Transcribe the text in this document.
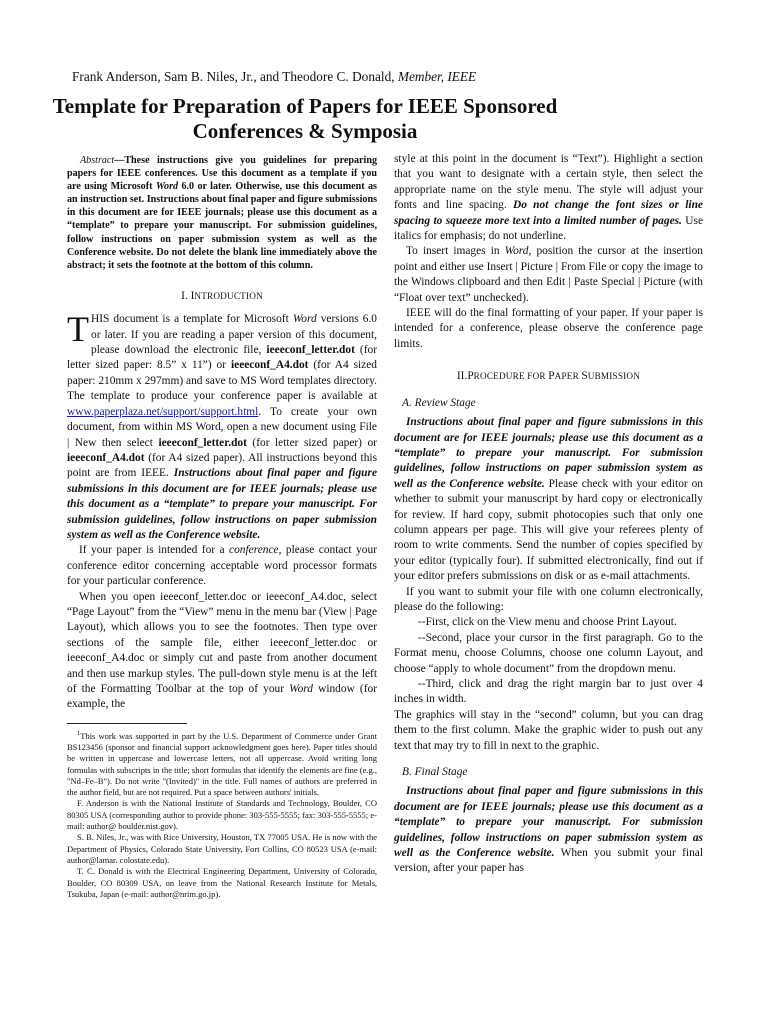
Frank Anderson, Sam B. Niles, Jr., and Theodore C. Donald, Member, IEEE
Template for Preparation of Papers for IEEE Sponsored Conferences & Symposia

Abstract—These instructions give you guidelines for preparing papers for IEEE conferences. Use this document as a template if you are using Microsoft Word 6.0 or later. Otherwise, use this document as an instruction set. Instructions about final paper and figure submissions in this document are for IEEE journals; please use this document as a “template” to prepare your manuscript. For submission guidelines, follow instructions on paper submission system as well as the Conference website. Do not delete the blank line immediately above the abstract; it sets the footnote at the bottom of this column.

I. INTRODUCTION

THIS document is a template for Microsoft Word versions 6.0 or later. If you are reading a paper version of this document, please download the electronic file, ieeeconf_letter.dot (for letter sized paper: 8.5” x 11”) or ieeeconf_A4.dot (for A4 sized paper: 210mm x 297mm) and save to MS Word templates directory. The template to produce your conference paper is available at www.paperplaza.net/support/support.html. To create your own document, from within MS Word, open a new document using File | New then select ieeeconf_letter.dot (for letter sized paper) or ieeeconf_A4.dot (for A4 sized paper). All instructions beyond this point are from IEEE. Instructions about final paper and figure submissions in this document are for IEEE journals; please use this document as a “template” to prepare your manuscript. For submission guidelines, follow instructions on paper submission system as well as the Conference website.

If your paper is intended for a conference, please contact your conference editor concerning acceptable word processor formats for your particular conference.

When you open ieeeconf_letter.doc or ieeeconf_A4.doc, select “Page Layout” from the “View” menu in the menu bar (View | Page Layout), which allows you to see the footnotes. Then type over sections of the sample file, either ieeeconf_letter.doc or ieeeconf_A4.doc or simply cut and paste from another document and then use markup styles. The pull-down style menu is at the left of the Formatting Toolbar at the top of your Word window (for example, the

$^1$This work was supported in part by the U.S. Department of Commerce under Grant BS123456 (sponsor and financial support acknowledgment goes here). Paper titles should be written in uppercase and lowercase letters, not all uppercase. Avoid writing long formulas with subscripts in the title; short formulas that identify the elements are fine (e.g., "Nd–Fe–B"). Do not write "(Invited)" in the title. Full names of authors are preferred in the author field, but are not required. Put a space between authors' initials.

F. Anderson is with the National Institute of Standards and Technology, Boulder, CO 80305 USA (corresponding author to provide phone: 303-555-5555; fax: 303-555-5555; e-mail: author@ boulder.nist.gov).

S. B. Niles, Jr., was with Rice University, Houston, TX 77005 USA. He is now with the Department of Physics, Colorado State University, Fort Collins, CO 80523 USA (e-mail: author@lamar. colostate.edu).

T. C. Donald is with the Electrical Engineering Department, University of Colorado, Boulder, CO 80309 USA, on leave from the National Research Institute for Metals, Tsukuba, Japan (e-mail: author@nrim.go.jp).

style at this point in the document is “Text”). Highlight a section that you want to designate with a certain style, then select the appropriate name on the style menu. The style will adjust your fonts and line spacing. Do not change the font sizes or line spacing to squeeze more text into a limited number of pages. Use italics for emphasis; do not underline.

To insert images in Word, position the cursor at the insertion point and either use Insert | Picture | From File or copy the image to the Windows clipboard and then Edit | Paste Special | Picture (with “Float over text” unchecked).

IEEE will do the final formatting of your paper. If your paper is intended for a conference, please observe the conference page limits.

II.PROCEDURE FOR PAPER SUBMISSION
A. Review Stage

Instructions about final paper and figure submissions in this document are for IEEE journals; please use this document as a “template” to prepare your manuscript. For submission guidelines, follow instructions on paper submission system as well as the Conference website. Please check with your editor on whether to submit your manuscript by hard copy or electronically for review. If hard copy, submit photocopies such that only one column appears per page. This will give your referees plenty of room to write comments. Send the number of copies specified by your editor (typically four). If submitted electronically, find out if your editor prefers submissions on disk or as e-mail attachments.

If you want to submit your file with one column electronically, please do the following:

--First, click on the View menu and choose Print Layout.

--Second, place your cursor in the first paragraph. Go to the Format menu, choose Columns, choose one column Layout, and choose “apply to whole document” from the dropdown menu.

--Third, click and drag the right margin bar to just over 4 inches in width.

The graphics will stay in the “second” column, but you can drag them to the first column. Make the graphic wider to push out any text that may try to fill in next to the graphic.

B. Final Stage

Instructions about final paper and figure submissions in this document are for IEEE journals; please use this document as a “template” to prepare your manuscript. For submission guidelines, follow instructions on paper submission system as well as the Conference website. When you submit your final version, after your paper has
